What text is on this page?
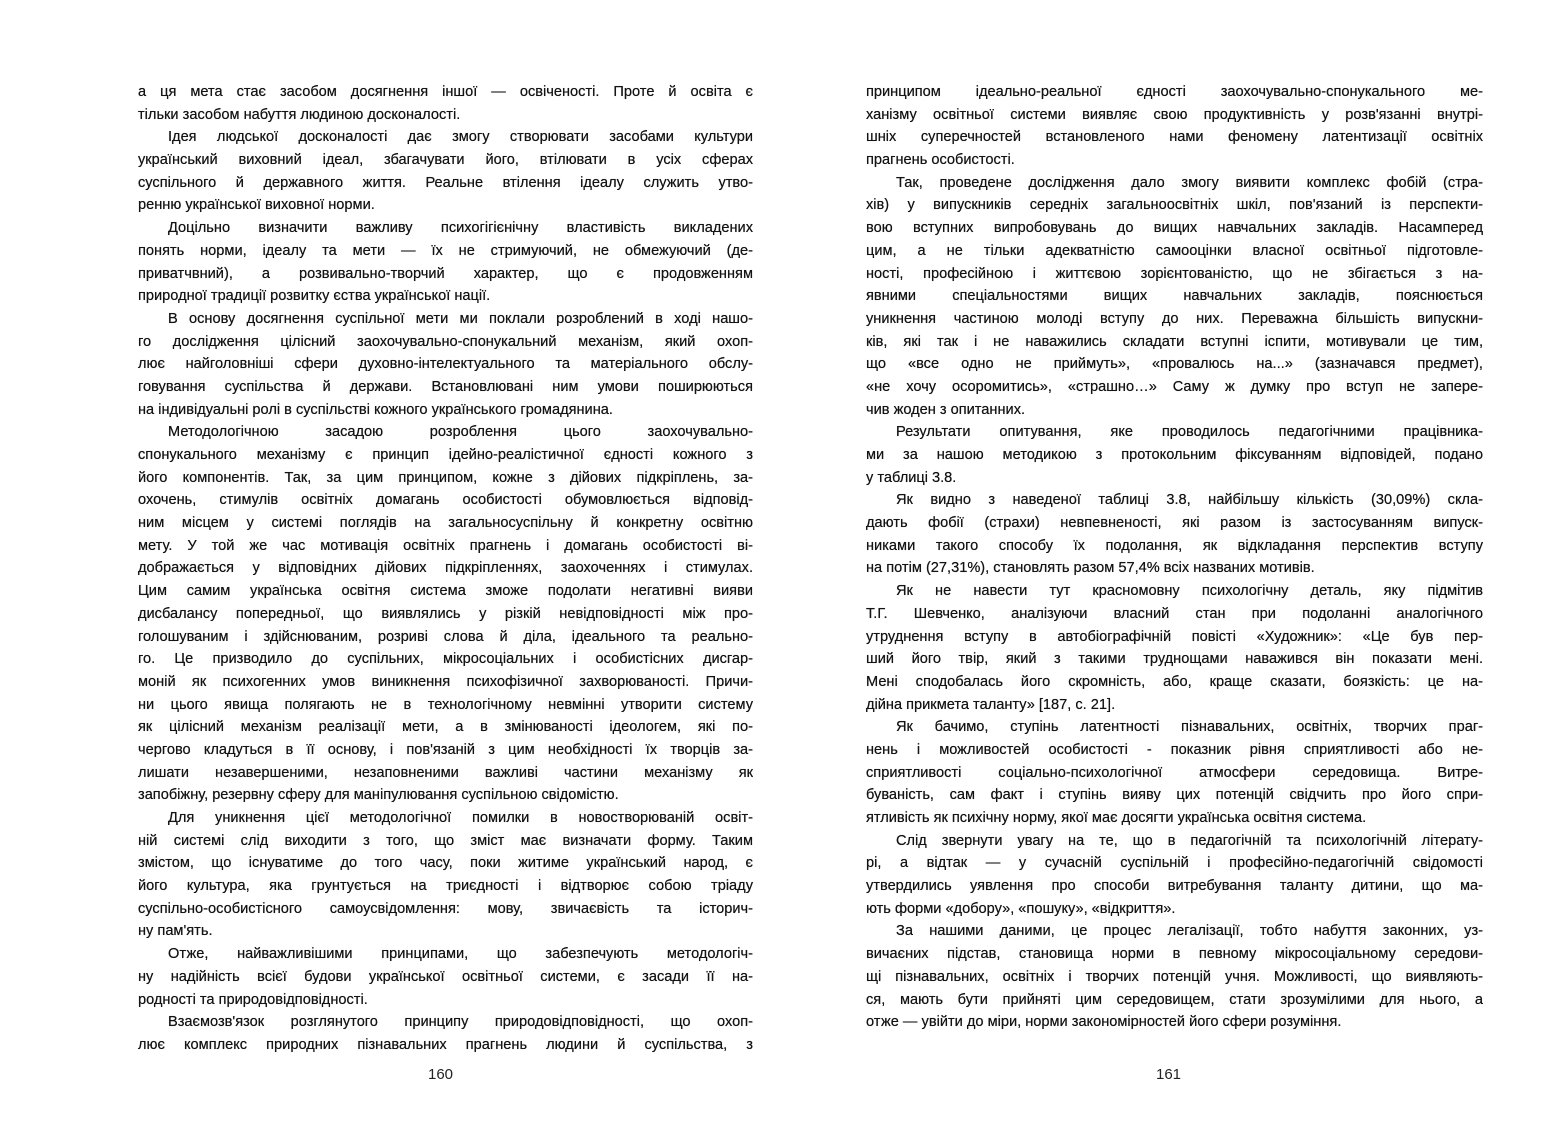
а ця мета стає засобом досягнення іншої — освіченості. Проте й освіта є
тільки засобом набуття людиною досконалості.
Ідея людської досконалості дає змогу створювати засобами культури
український виховний ідеал, збагачувати його, втілювати в усіх сферах
суспільного й державного життя. Реальне втілення ідеалу служить утво-
ренню української виховної норми.
Доцільно визначити важливу психогігієнічну властивість викладених
понять норми, ідеалу та мети — їх не стримуючий, не обмежуючий (де-
приватчвний), а розвивально-творчий характер, що є продовженням
природної традиції розвитку єства української нації.
В основу досягнення суспільної мети ми поклали розроблений в ході нашо-
го дослідження цілісний заохочувально-спонукальний механізм, який охоп-
лює найголовніші сфери духовно-інтелектуального та матеріального обслу-
говування суспільства й держави. Встановлювані ним умови поширюються
на індивідуальні ролі в суспільстві кожного українського громадянина.
Методологічною засадою розроблення цього заохочувально-
спонукального механізму є принцип ідейно-реалістичної єдності кожного з
його компонентів. Так, за цим принципом, кожне з дійових підкріплень, за-
охочень, стимулів освітніх домагань особистості обумовлюється відповід-
ним місцем у системі поглядів на загальносуспільну й конкретну освітню
мету. У той же час мотивація освітніх прагнень і домагань особистості ві-
дображається у відповідних дійових підкріпленнях, заохоченнях і стимулах.
Цим самим українська освітня система зможе подолати негативні вияви
дисбалансу попередньої, що виявлялись у різкій невідповідності між про-
голошуваним і здійснюваним, розриві слова й діла, ідеального та реально-
го. Це призводило до суспільних, мікросоціальних і особистісних дисгар-
моній як психогенних умов виникнення психофізичної захворюваності. Причи-
ни цього явища полягають не в технологічному невмінні утворити систему
як цілісний механізм реалізації мети, а в змінюваності ідеологем, які по-
чергово кладуться в її основу, і пов'язаній з цим необхідності їх творців за-
лишати незавершеними, незаповненими важливі частини механізму як
запобіжну, резервну сферу для маніпулювання суспільною свідомістю.
Для уникнення цієї методологічної помилки в новостворюваній освіт-
ній системі слід виходити з того, що зміст має визначати форму. Таким
змістом, що існуватиме до того часу, поки житиме український народ, є
його культура, яка грунтується на триєдності і відтворює собою тріаду
суспільно-особистісного самоусвідомлення: мову, звичаєвість та історич-
ну пам'ять.
Отже, найважливішими принципами, що забезпечують методологіч-
ну надійність всієї будови української освітньої системи, є засади її на-
родності та природовідповідності.
Взаємозв'язок розглянутого принципу природовідповідності, що охоп-
лює комплекс природних пізнавальних прагнень людини й суспільства, з
принципом ідеально-реальної єдності заохочувально-спонукального ме-
ханізму освітньої системи виявляє свою продуктивність у розв'язанні внутрі-
шніх суперечностей встановленого нами феномену латентизації освітніх
прагнень особистості.
Так, проведене дослідження дало змогу виявити комплекс фобій (стра-
хів) у випускників середніх загальноосвітніх шкіл, пов'язаний із перспекти-
вою вступних випробовувань до вищих навчальних закладів. Насамперед
цим, а не тільки адекватністю самооцінки власної освітньої підготовле-
ності, професійною і життєвою зорієнтованістю, що не збігається з на-
явними спеціальностями вищих навчальних закладів, пояснюється
уникнення частиною молоді вступу до них. Переважна більшість випускни-
ків, які так і не наважились складати вступні іспити, мотивували це тим,
що «все одно не приймуть», «провалюсь на...» (зазначався предмет),
«не хочу осоромитись», «страшно…» Саму ж думку про вступ не запере-
чив жоден з опитанних.
Результати опитування, яке проводилось педагогічними працівника-
ми за нашою методикою з протокольним фіксуванням відповідей, подано
у таблиці 3.8.
Як видно з наведеної таблиці 3.8, найбільшу кількість (30,09%) скла-
дають фобії (страхи) невпевненості, які разом із застосуванням випуск-
никами такого способу їх подолання, як відкладання перспектив вступу
на потім (27,31%), становлять разом 57,4% всіх названих мотивів.
Як не навести тут красномовну психологічну деталь, яку підмітив
Т.Г. Шевченко, аналізуючи власний стан при подоланні аналогічного
утруднення вступу в автобіографічній повісті «Художник»: «Це був пер-
ший його твір, який з такими труднощами наважився він показати мені.
Мені сподобалась його скромність, або, краще сказати, боязкість: це на-
дійна прикмета таланту» [187, с. 21].
Як бачимо, ступінь латентності пізнавальних, освітніх, творчих праг-
нень і можливостей особистості - показник рівня сприятливості або не-
сприятливості соціально-психологічної атмосфери середовища. Витре-
буваність, сам факт і ступінь вияву цих потенцій свідчить про його спри-
ятливість як психічну норму, якої має досягти українська освітня система.
Слід звернути увагу на те, що в педагогічній та психологічній літерату-
рі, а відтак — у сучасній суспільній і професійно-педагогічній свідомості
утвердились уявлення про способи витребування таланту дитини, що ма-
ють форми «добору», «пошуку», «відкриття».
За нашими даними, це процес легалізації, тобто набуття законних, уз-
вичаєних підстав, становища норми в певному мікросоціальному середови-
щі пізнавальних, освітніх і творчих потенцій учня. Можливості, що виявляють-
ся, мають бути прийняті цим середовищем, стати зрозумілими для нього, а
отже — увійти до міри, норми закономірностей його сфери розуміння.
160	161
